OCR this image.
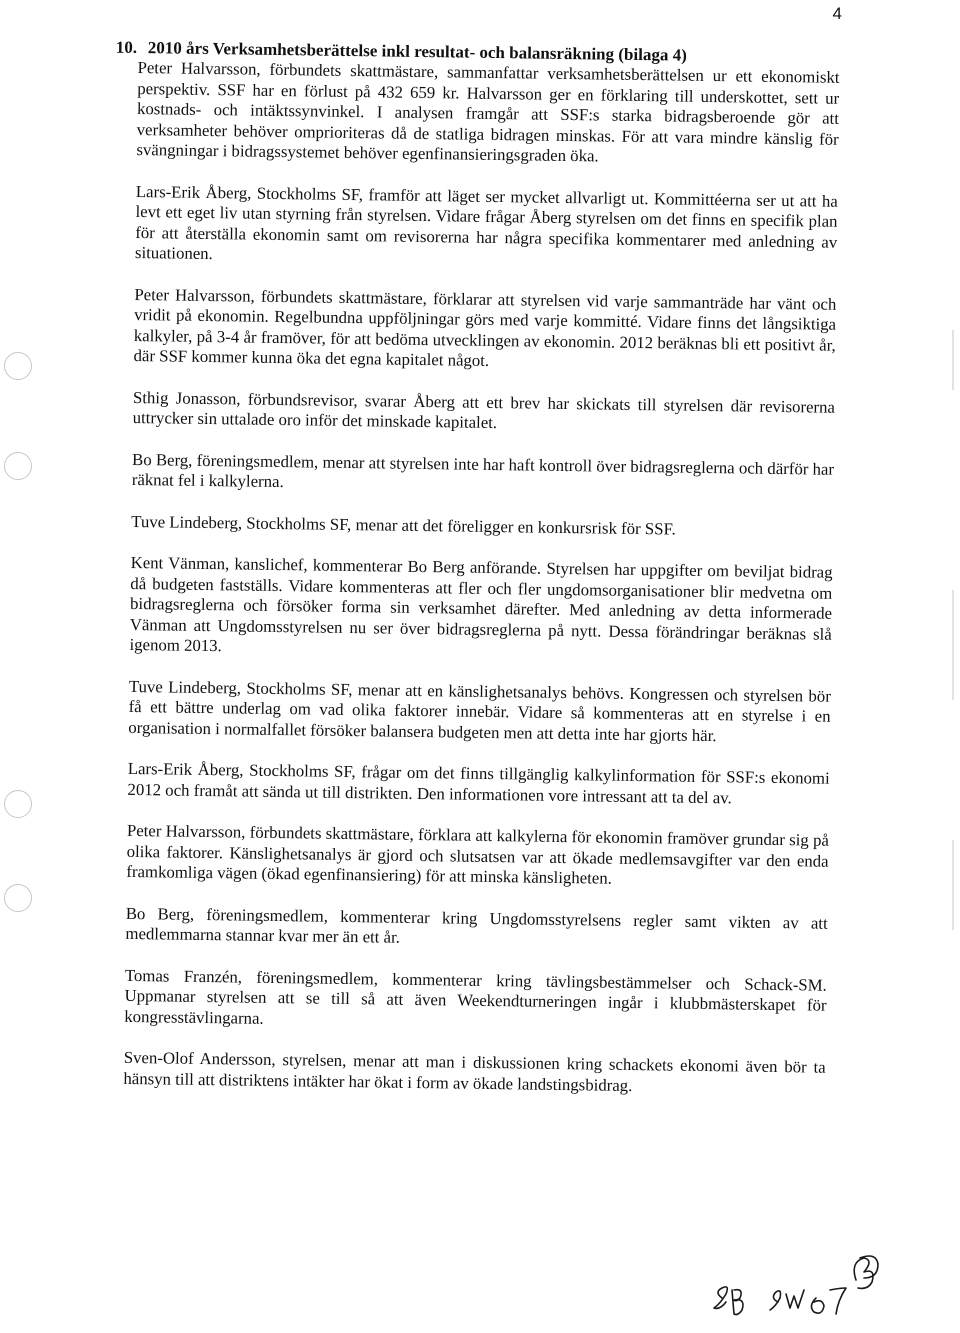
4
10. 2010 års Verksamhetsberättelse inkl resultat- och balansräkning (bilaga 4)

Peter Halvarsson, förbundets skattmästare, sammanfattar verksamhetsberättelsen ur ett ekonomiskt perspektiv. SSF har en förlust på 432 659 kr. Halvarsson ger en förklaring till underskottet, sett ur kostnads- och intäktssynvinkel. I analysen framgår att SSF:s starka bidragsberoende gör att verksamheter behöver omprioriteras då de statliga bidragen minskas. För att vara mindre känslig för svängningar i bidragssystemet behöver egenfinansieringsgraden öka.

Lars-Erik Åberg, Stockholms SF, framför att läget ser mycket allvarligt ut. Kommittéerna ser ut att ha levt ett eget liv utan styrning från styrelsen. Vidare frågar Åberg styrelsen om det finns en specifik plan för att återställa ekonomin samt om revisorerna har några specifika kommentarer med anledning av situationen.

Peter Halvarsson, förbundets skattmästare, förklarar att styrelsen vid varje sammanträde har vänt och vridit på ekonomin. Regelbundna uppföljningar görs med varje kommitté. Vidare finns det långsiktiga kalkyler, på 3-4 år framöver, för att bedöma utvecklingen av ekonomin. 2012 beräknas bli ett positivt år, där SSF kommer kunna öka det egna kapitalet något.

Sthig Jonasson, förbundsrevisor, svarar Åberg att ett brev har skickats till styrelsen där revisorerna uttrycker sin uttalade oro inför det minskade kapitalet.

Bo Berg, föreningsmedlem, menar att styrelsen inte har haft kontroll över bidragsreglerna och därför har räknat fel i kalkylerna.

Tuve Lindeberg, Stockholms SF, menar att det föreligger en konkursrisk för SSF.

Kent Vänman, kanslichef, kommenterar Bo Berg anförande. Styrelsen har uppgifter om beviljat bidrag då budgeten fastställs. Vidare kommenteras att fler och fler ungdomsorganisationer blir medvetna om bidragsreglerna och försöker forma sin verksamhet därefter. Med anledning av detta informerade Vänman att Ungdomsstyrelsen nu ser över bidragsreglerna på nytt. Dessa förändringar beräknas slå igenom 2013.

Tuve Lindeberg, Stockholms SF, menar att en känslighetsanalys behövs. Kongressen och styrelsen bör få ett bättre underlag om vad olika faktorer innebär. Vidare så kommenteras att en styrelse i en organisation i normalfallet försöker balansera budgeten men att detta inte har gjorts här.

Lars-Erik Åberg, Stockholms SF, frågar om det finns tillgänglig kalkylinformation för SSF:s ekonomi 2012 och framåt att sända ut till distrikten. Den informationen vore intressant att ta del av.

Peter Halvarsson, förbundets skattmästare, förklara att kalkylerna för ekonomin framöver grundar sig på olika faktorer. Känslighetsanalys är gjord och slutsatsen var att ökade medlemsavgifter var den enda framkomliga vägen (ökad egenfinansiering) för att minska känsligheten.

Bo Berg, föreningsmedlem, kommenterar kring Ungdomsstyrelsens regler samt vikten av att medlemmarna stannar kvar mer än ett år.

Tomas Franzén, föreningsmedlem, kommenterar kring tävlingsbestämmelser och Schack-SM. Uppmanar styrelsen att se till så att även Weekendturneringen ingår i klubbmästerskapet för kongresstävlingarna.

Sven-Olof Andersson, styrelsen, menar att man i diskussionen kring schackets ekonomi även bör ta hänsyn till att distriktens intäkter har ökat i form av ökade landstingsbidrag.
